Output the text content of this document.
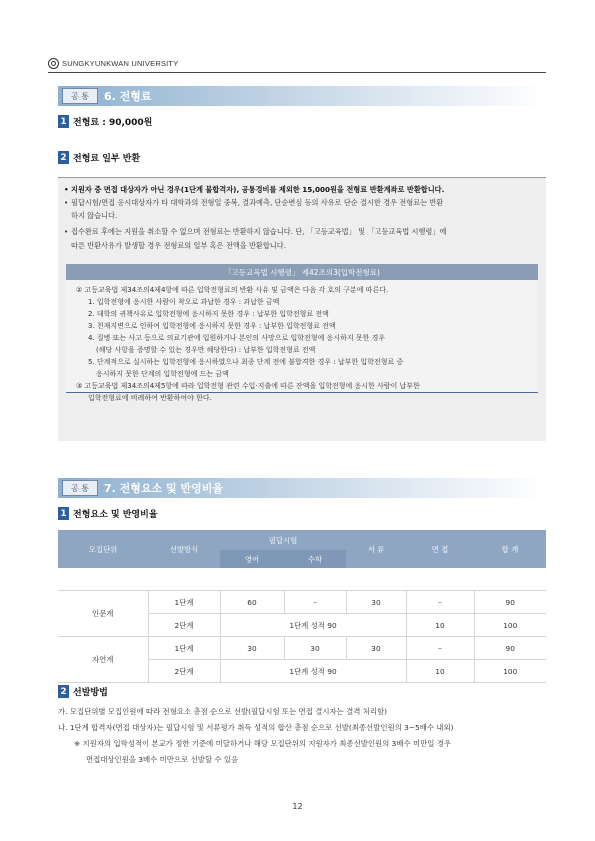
SUNGKYUNKWAN UNIVERSITY
공 통	6. 전형료
1 전형료 : 90,000원
2 전형료 일부 반환
• 지원자 중 면접 대상자가 아닌 경우(1단계 불합격자), 공통경비를 제외한 15,000원을 전형료 반환계좌로 반환합니다.
• 필답시험/면접 응시대상자가 타 대학과의 전형일 중복, 결과예측, 단순변심 등의 사유로 단순 결시한 경우 전형료는 반환
하지 않습니다.
• 접수완료 후에는 지원을 취소할 수 없으며 전형료는 반환하지 않습니다. 단, 「고등교육법」 및 「고등교육법 시행령」에
따른 반환사유가 발생할 경우 전형료의 일부 혹은 전액을 반환합니다.
「고등교육법 시행령」 제42조의3(입학전형료)
② 고등교육법 제34조의4제4항에 따른 입학전형료의 반환 사유 및 금액은 다음 각 호의 구분에 따른다.
1. 입학전형에 응시한 사람이 착오로 과납한 경우 : 과납한 금액
2. 대학의 귀책사유로 입학전형에 응시하지 못한 경우 : 납부한 입학전형료 전액
3. 천재지변으로 인하여 입학전형에 응시하지 못한 경우 : 납부한 입학전형료 전액
4. 질병 또는 사고 등으로 의료기관에 입원하거나 본인의 사망으로 입학전형에 응시하지 못한 경우
(해당 사항을 증명할 수 있는 경우만 해당한다) : 납부한 입학전형료 전액
5. 단계적으로 실시하는 입학전형에 응시하였으나 최종 단계 전에 불합격한 경우 : 납부한 입학전형료 중
응시하지 못한 단계의 입학전형에 드는 금액
③ 고등교육법 제34조의4제5항에 따라 입학전형 관련 수입·지출에 따른 잔액을 입학전형에 응시한 사람이 납부한
입학전형료에 비례하여 반환하여야 한다.
공 통	7. 전형요소 및 반영비율
1 전형요소 및 반영비율
모집단위	선발방식	필답시험		서 류	면 접	합 계
		영어	수학			

인문계	1단계	60	–	30	–	90
	2단계	1단계 성적 90			10	100
자연계	1단계	30	30	30	–	90
	2단계	1단계 성적 90			10	100
2 선발방법
가. 모집단위별 모집인원에 따라 전형요소 총점 순으로 선발(필답시험 또는 면접 결시자는 결격 처리함)
나. 1단계 합격자(면접 대상자)는 필답시험 및 서류평가 취득 성적의 합산 총점 순으로 선발(최종선발인원의 3~5배수 내외)
※ 지원자의 입학성적이 본교가 정한 기준에 미달하거나 해당 모집단위의 지원자가 최종선발인원의 3배수 미만일 경우
면접대상인원을 3배수 미만으로 선발할 수 있음
12
